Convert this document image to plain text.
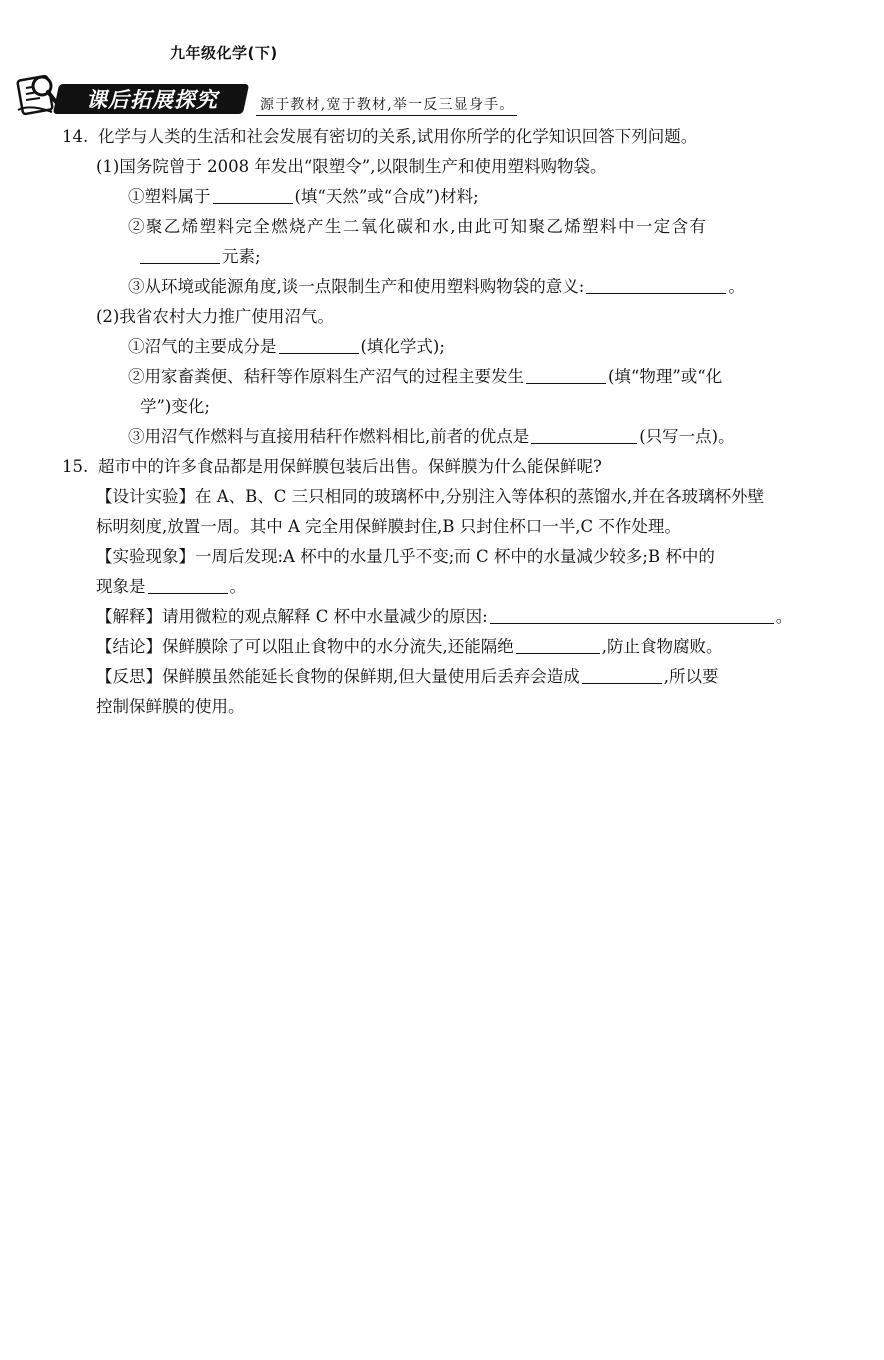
九年级化学(下)
课后拓展探究	源于教材,宽于教材,举一反三显身手。
14. 化学与人类的生活和社会发展有密切的关系,试用你所学的化学知识回答下列问题。
(1)国务院曾于 2008 年发出“限塑令”,以限制生产和使用塑料购物袋。
①塑料属于	(填“天然”或“合成”)材料;
②聚乙烯塑料完全燃烧产生二氧化碳和水,由此可知聚乙烯塑料中一定含有
元素;
③从环境或能源角度,谈一点限制生产和使用塑料购物袋的意义:	。
(2)我省农村大力推广使用沼气。
①沼气的主要成分是	(填化学式);
②用家畜粪便、秸秆等作原料生产沼气的过程主要发生	(填“物理”或“化
学”)变化;
③用沼气作燃料与直接用秸秆作燃料相比,前者的优点是	(只写一点)。
15. 超市中的许多食品都是用保鲜膜包装后出售。保鲜膜为什么能保鲜呢?
【设计实验】在 A、B、C 三只相同的玻璃杯中,分别注入等体积的蒸馏水,并在各玻璃杯外壁
标明刻度,放置一周。其中 A 完全用保鲜膜封住,B 只封住杯口一半,C 不作处理。
【实验现象】一周后发现:A 杯中的水量几乎不变;而 C 杯中的水量减少较多;B 杯中的
现象是	。
【解释】请用微粒的观点解释 C 杯中水量减少的原因:	。
【结论】保鲜膜除了可以阻止食物中的水分流失,还能隔绝	,防止食物腐败。
【反思】保鲜膜虽然能延长食物的保鲜期,但大量使用后丢弃会造成	,所以要
控制保鲜膜的使用。
